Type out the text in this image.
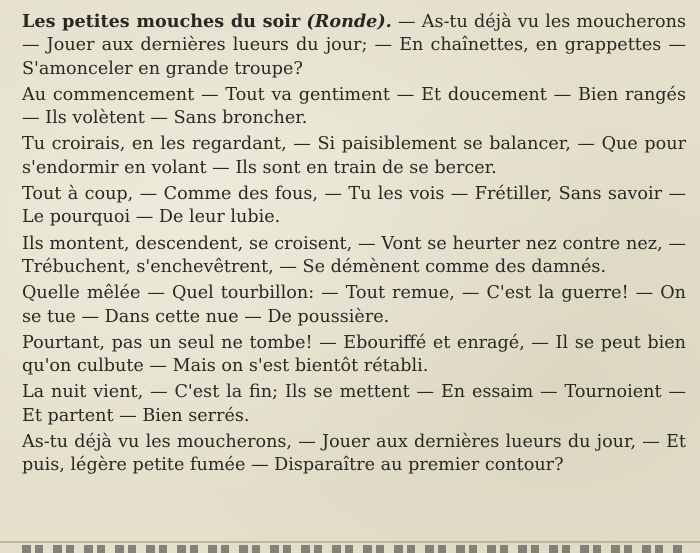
Les petites mouches du soir (Ronde). — As-tu déjà vu les moucherons — Jouer aux dernières lueurs du jour; — En chaînettes, en grappettes — S'amonceler en grande troupe?

Au commencement — Tout va gentiment — Et doucement — Bien rangés — Ils volètent — Sans broncher.

Tu croirais, en les regardant, — Si paisiblement se balancer, — Que pour s'endormir en volant — Ils sont en train de se bercer.

Tout à coup, — Comme des fous, — Tu les vois — Frétiller, Sans savoir — Le pourquoi — De leur lubie.

Ils montent, descendent, se croisent, — Vont se heurter nez contre nez, — Trébuchent, s'enchevêtrent, — Se démènent comme des damnés.

Quelle mêlée — Quel tourbillon: — Tout remue, — C'est la guerre! — On se tue — Dans cette nue — De poussière.

Pourtant, pas un seul ne tombe! — Ebouriffé et enragé, — Il se peut bien qu'on culbute — Mais on s'est bientôt rétabli.

La nuit vient, — C'est la fin; Ils se mettent — En essaim — Tournoient — Et partent — Bien serrés.

As-tu déjà vu les moucherons, — Jouer aux dernières lueurs du jour, — Et puis, légère petite fumée — Disparaître au premier contour?
